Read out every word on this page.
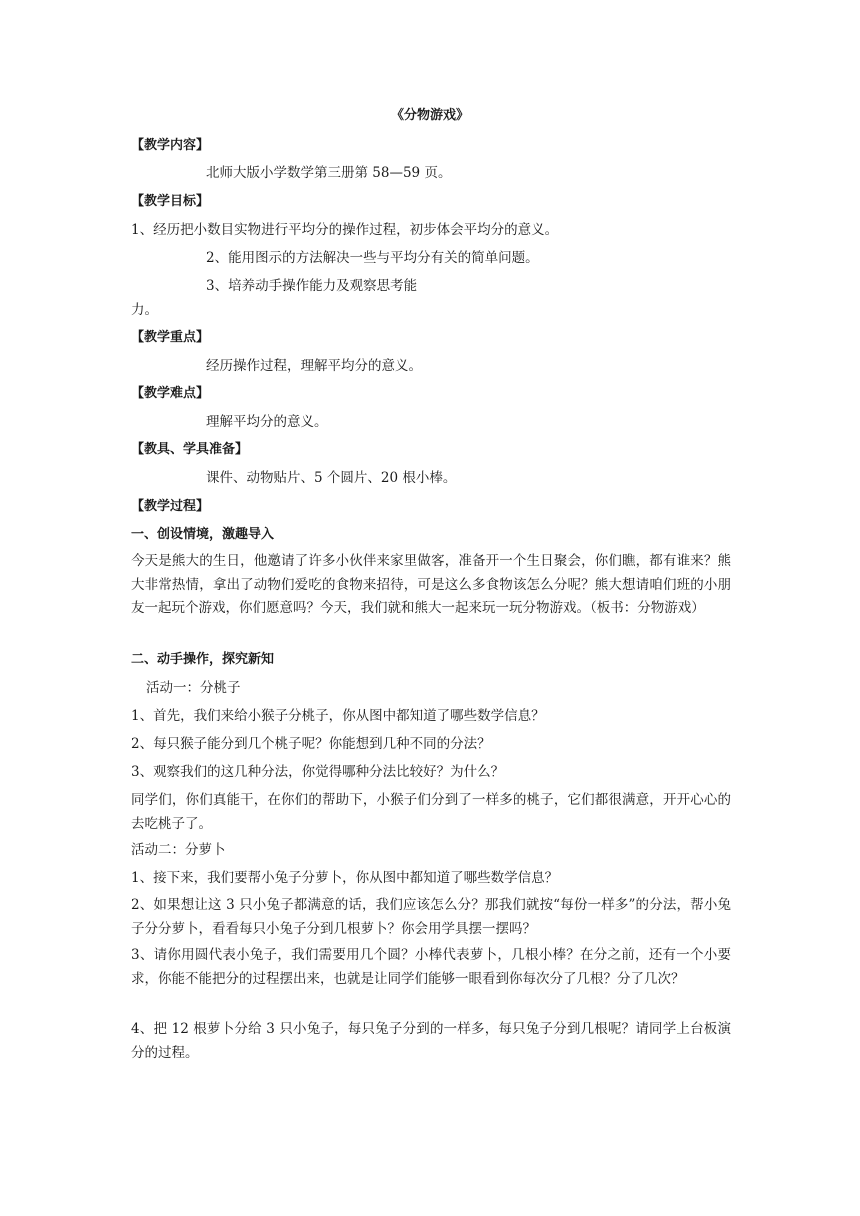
《分物游戏》

【教学内容】

北师大版小学数学第三册第 58—59 页。

【教学目标】

1、经历把小数目实物进行平均分的操作过程，初步体会平均分的意义。

2、能用图示的方法解决一些与平均分有关的简单问题。

3、培养动手操作能力及观察思考能

力。

【教学重点】

经历操作过程，理解平均分的意义。

【教学难点】

理解平均分的意义。

【教具、学具准备】

课件、动物贴片、5 个圆片、20 根小棒。

【教学过程】

一、创设情境，激趣导入

今天是熊大的生日，他邀请了许多小伙伴来家里做客，准备开一个生日聚会，你们瞧，都有谁来？熊大非常热情，拿出了动物们爱吃的食物来招待，可是这么多食物该怎么分呢？熊大想请咱们班的小朋友一起玩个游戏，你们愿意吗？今天，我们就和熊大一起来玩一玩分物游戏。（板书：分物游戏）

二、动手操作，探究新知

活动一：分桃子

1、首先，我们来给小猴子分桃子，你从图中都知道了哪些数学信息？

2、每只猴子能分到几个桃子呢？你能想到几种不同的分法？

3、观察我们的这几种分法，你觉得哪种分法比较好？为什么？

同学们，你们真能干，在你们的帮助下，小猴子们分到了一样多的桃子，它们都很满意，开开心心的去吃桃子了。

活动二：分萝卜

1、接下来，我们要帮小兔子分萝卜，你从图中都知道了哪些数学信息？

2、如果想让这 3 只小兔子都满意的话，我们应该怎么分？那我们就按“每份一样多”的分法，帮小兔子分分萝卜，看看每只小兔子分到几根萝卜？你会用学具摆一摆吗？

3、请你用圆代表小兔子，我们需要用几个圆？小棒代表萝卜，几根小棒？在分之前，还有一个小要求，你能不能把分的过程摆出来，也就是让同学们能够一眼看到你每次分了几根？分了几次？

4、把 12 根萝卜分给 3 只小兔子，每只兔子分到的一样多，每只兔子分到几根呢？请同学上台板演分的过程。
